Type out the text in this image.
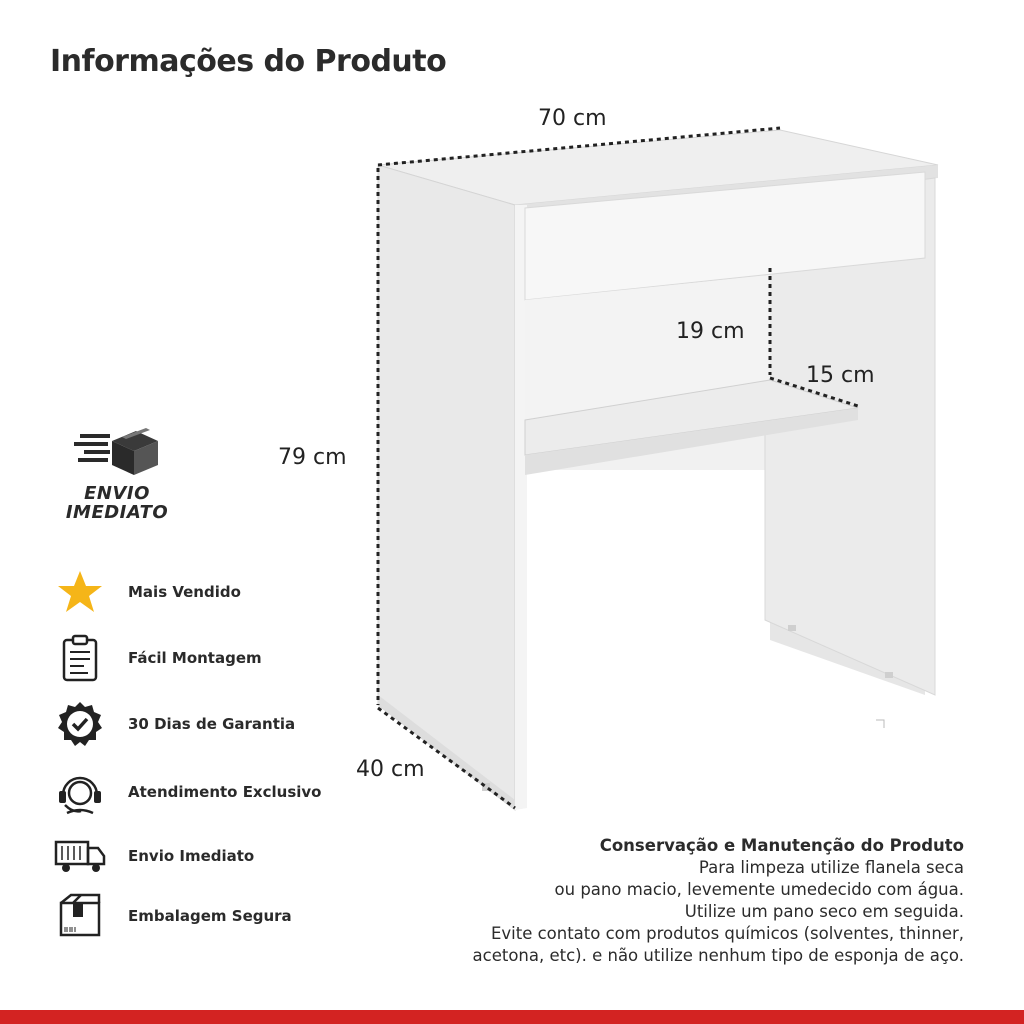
Informações do Produto
70 cm
79 cm
40 cm
19 cm
15 cm
ENVIO
IMEDIATO
Mais Vendido
Fácil Montagem
30 Dias de Garantia
Atendimento Exclusivo
Envio Imediato
Embalagem Segura
Conservação e Manutenção do Produto
Para limpeza utilize flanela seca
ou pano macio, levemente umedecido com água.
Utilize um pano seco em seguida.
Evite contato com produtos químicos (solventes, thinner,
acetona, etc). e não utilize nenhum tipo de esponja de aço.
